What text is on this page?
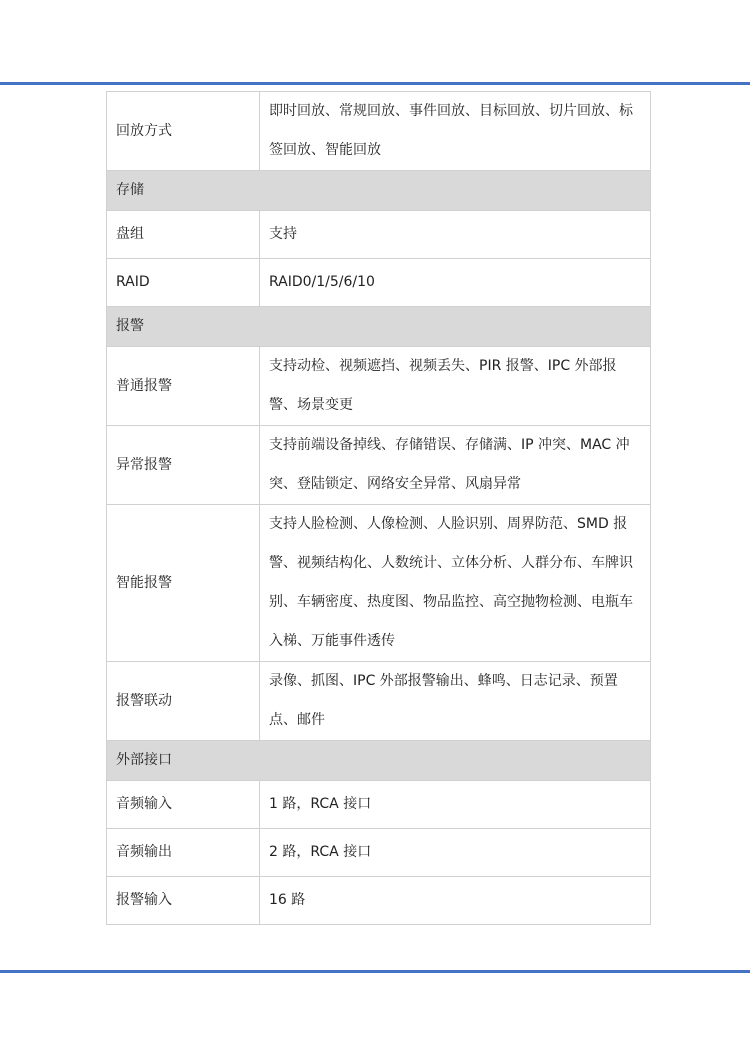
回放方式	即时回放、常规回放、事件回放、目标回放、切片回放、标签回放、智能回放
存储	
盘组	支持
RAID	RAID0/1/5/6/10
报警	
普通报警	支持动检、视频遮挡、视频丢失、PIR 报警、IPC 外部报警、场景变更
异常报警	支持前端设备掉线、存储错误、存储满、IP 冲突、MAC 冲突、登陆锁定、网络安全异常、风扇异常
智能报警	支持人脸检测、人像检测、人脸识别、周界防范、SMD 报警、视频结构化、人数统计、立体分析、人群分布、车牌识别、车辆密度、热度图、物品监控、高空抛物检测、电瓶车入梯、万能事件透传
报警联动	录像、抓图、IPC 外部报警输出、蜂鸣、日志记录、预置点、邮件
外部接口	
音频输入	1 路，RCA 接口
音频输出	2 路，RCA 接口
报警输入	16 路
